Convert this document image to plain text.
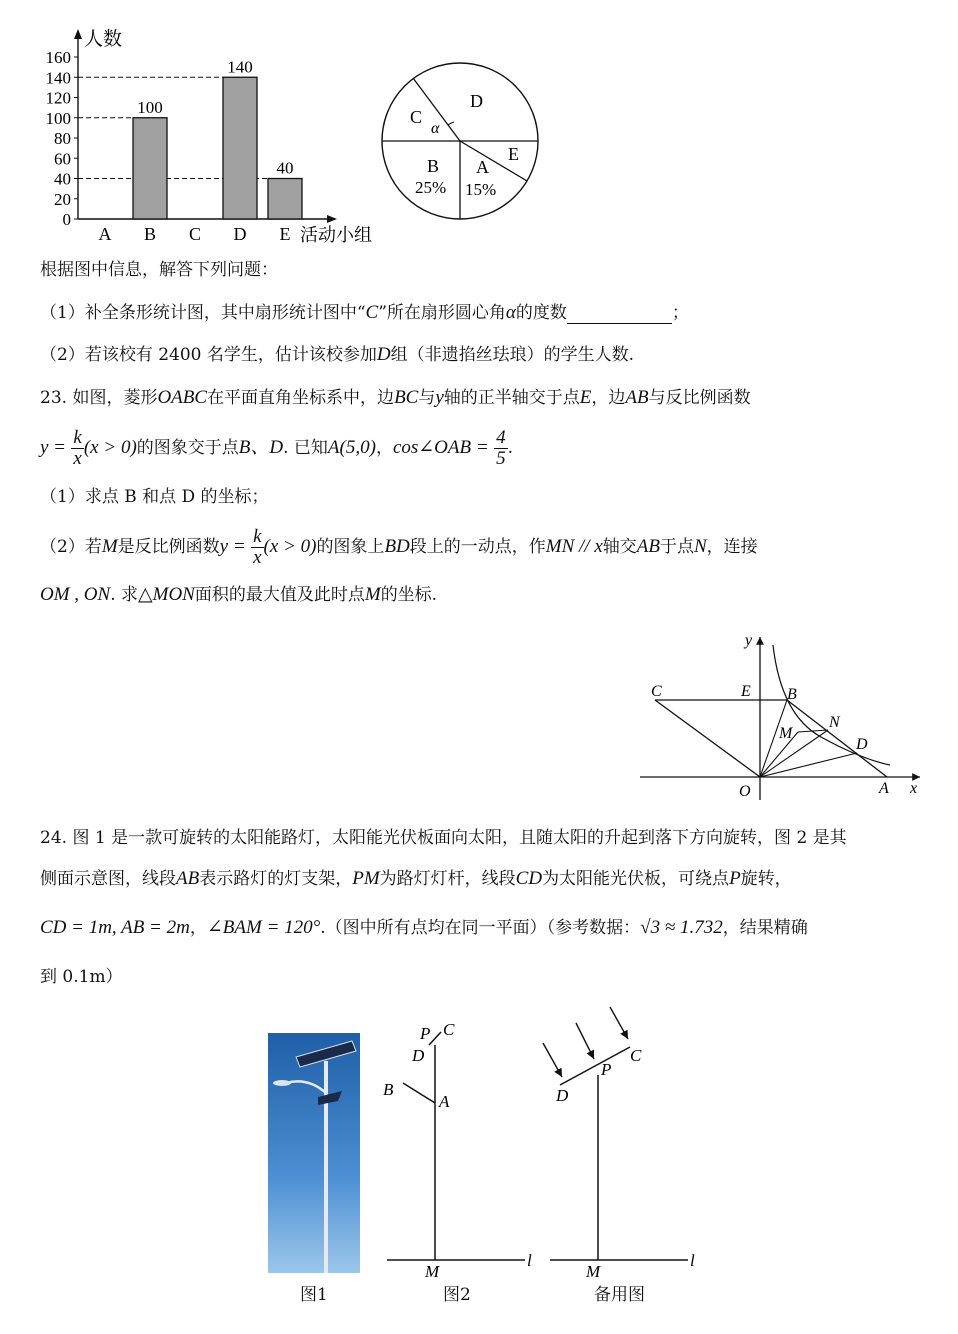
0
20
40
60
80
100
120
140
160
100
140
40
A B C D E
人数
活动小组
D
C
α
E
B
25%
A
15%
根据图中信息，解答下列问题：
（1）补全条形统计图，其中扇形统计图中“C”所在扇形圆心角α的度数	；
（2）若该校有 2400 名学生，估计该校参加D组（非遗掐丝珐琅）的学生人数.
23. 如图，菱形OABC在平面直角坐标系中，边BC与y轴的正半轴交于点E，边AB与反比例函数
$y = \frac{k}{x} (x > 0)$的图象交于点B、D. 已知A(5,0)，cos∠OAB = $\frac{4}{5}$ .
（1）求点 B 和点 D 的坐标；
（2）若M是反比例函数$y = \frac{k}{x} (x > 0)$的图象上BD段上的一动点，作MN // x轴交AB于点N，连接
OM , ON. 求△MON面积的最大值及此时点M的坐标.
y
C	E B
M
N
D
O	A x
24. 图 1 是一款可旋转的太阳能路灯，太阳能光伏板面向太阳，且随太阳的升起到落下方向旋转，图 2 是其
侧面示意图，线段AB表示路灯的灯支架，PM为路灯灯杆，线段CD为太阳能光伏板，可绕点P旋转，
CD = 1m, AB = 2m，∠BAM = 120°.（图中所有点均在同一平面）（参考数据：√3 ≈ 1.732，结果精确
到 0.1m）
图1
P C
D
B
A
M
l
图2
C
P
D
M
l
备用图
